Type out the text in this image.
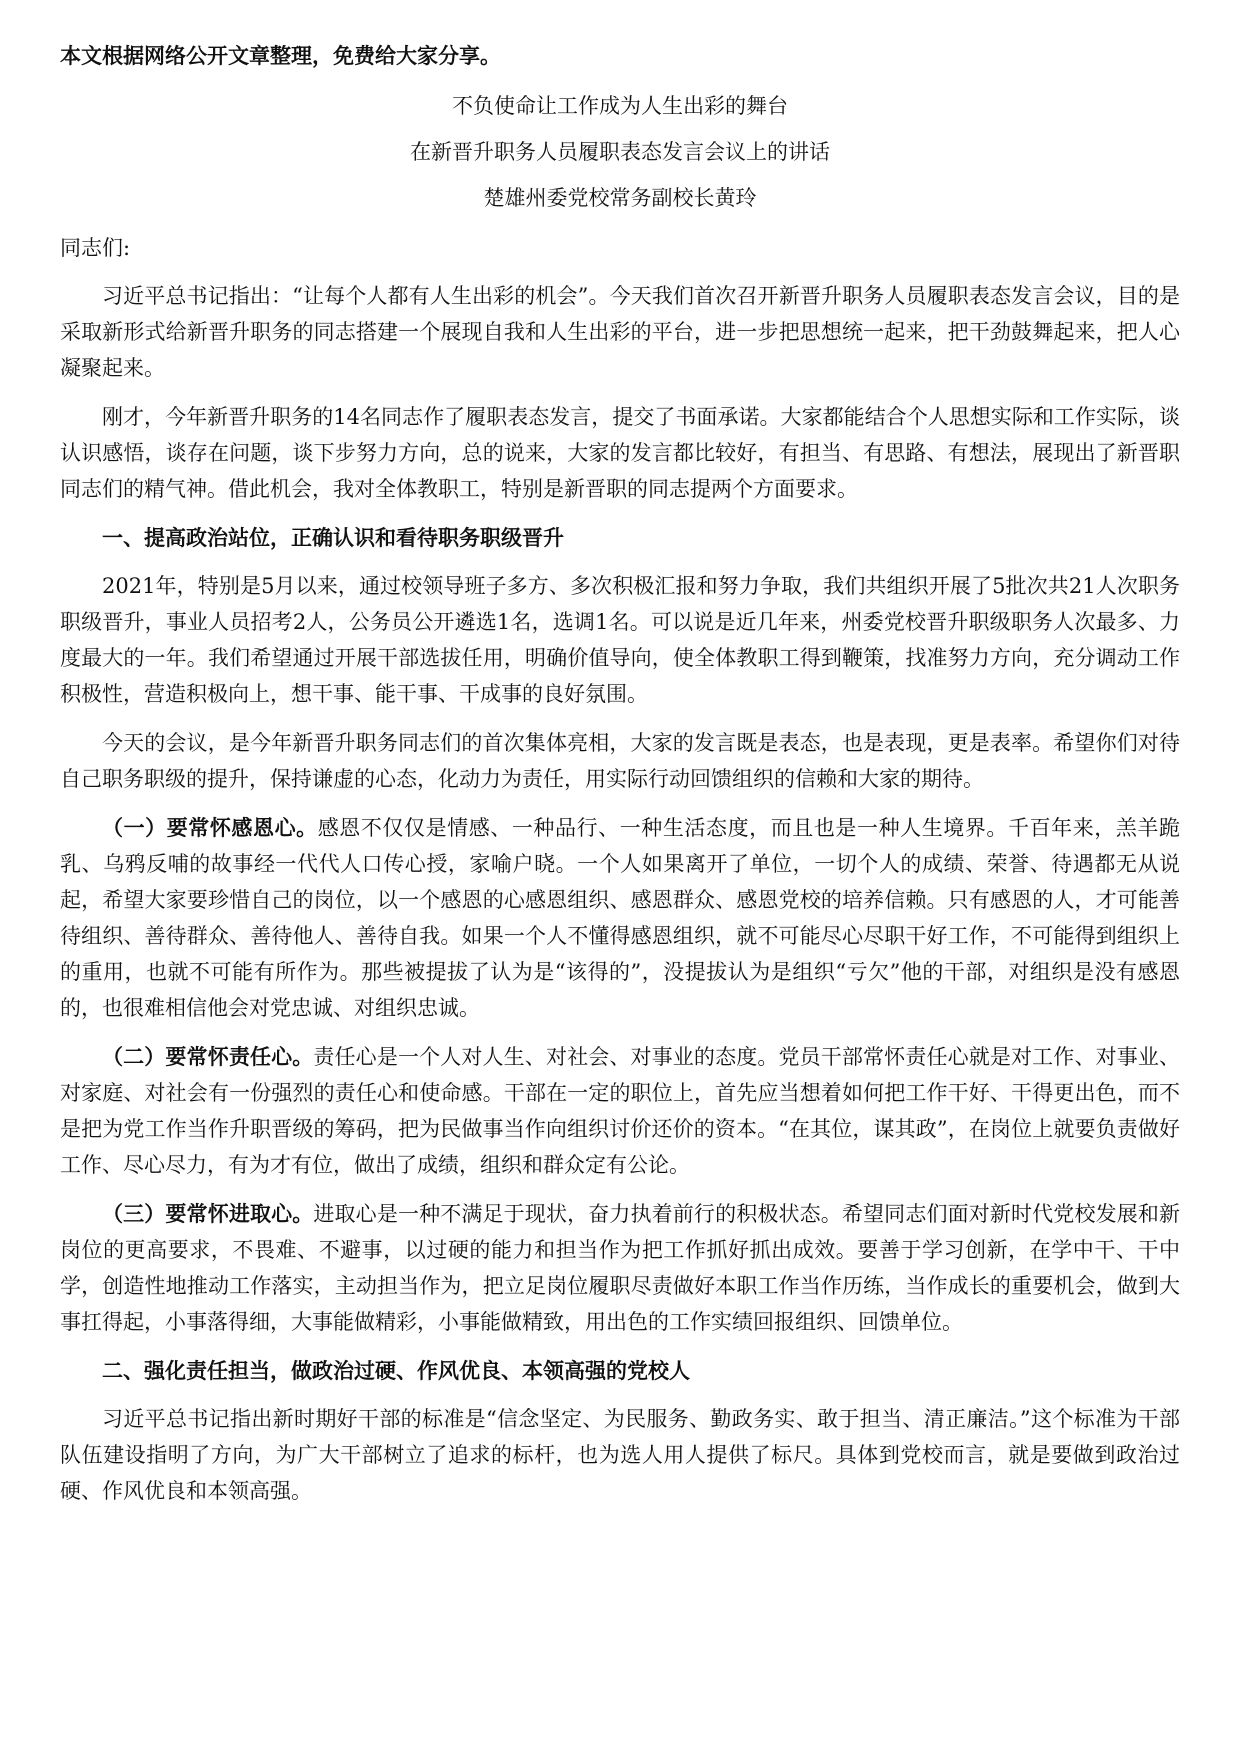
本文根据网络公开文章整理，免费给大家分享。

不负使命让工作成为人生出彩的舞台

在新晋升职务人员履职表态发言会议上的讲话

楚雄州委党校常务副校长黄玲

同志们:

习近平总书记指出：“让每个人都有人生出彩的机会”。今天我们首次召开新晋升职务人员履职表态发言会议，目的是采取新形式给新晋升职务的同志搭建一个展现自我和人生出彩的平台，进一步把思想统一起来，把干劲鼓舞起来，把人心凝聚起来。

刚才，今年新晋升职务的14名同志作了履职表态发言，提交了书面承诺。大家都能结合个人思想实际和工作实际，谈认识感悟，谈存在问题，谈下步努力方向，总的说来，大家的发言都比较好，有担当、有思路、有想法，展现出了新晋职同志们的精气神。借此机会，我对全体教职工，特别是新晋职的同志提两个方面要求。

一、提高政治站位，正确认识和看待职务职级晋升

2021年，特别是5月以来，通过校领导班子多方、多次积极汇报和努力争取，我们共组织开展了5批次共21人次职务职级晋升，事业人员招考2人，公务员公开遴选1名，选调1名。可以说是近几年来，州委党校晋升职级职务人次最多、力度最大的一年。我们希望通过开展干部选拔任用，明确价值导向，使全体教职工得到鞭策，找准努力方向，充分调动工作积极性，营造积极向上，想干事、能干事、干成事的良好氛围。

今天的会议，是今年新晋升职务同志们的首次集体亮相，大家的发言既是表态，也是表现，更是表率。希望你们对待自己职务职级的提升，保持谦虚的心态，化动力为责任，用实际行动回馈组织的信赖和大家的期待。

（一）要常怀感恩心。感恩不仅仅是情感、一种品行、一种生活态度，而且也是一种人生境界。千百年来，羔羊跪乳、乌鸦反哺的故事经一代代人口传心授，家喻户晓。一个人如果离开了单位，一切个人的成绩、荣誉、待遇都无从说起，希望大家要珍惜自己的岗位，以一个感恩的心感恩组织、感恩群众、感恩党校的培养信赖。只有感恩的人，才可能善待组织、善待群众、善待他人、善待自我。如果一个人不懂得感恩组织，就不可能尽心尽职干好工作，不可能得到组织上的重用，也就不可能有所作为。那些被提拔了认为是“该得的”，没提拔认为是组织“亏欠”他的干部，对组织是没有感恩的，也很难相信他会对党忠诚、对组织忠诚。

（二）要常怀责任心。责任心是一个人对人生、对社会、对事业的态度。党员干部常怀责任心就是对工作、对事业、对家庭、对社会有一份强烈的责任心和使命感。干部在一定的职位上，首先应当想着如何把工作干好、干得更出色，而不是把为党工作当作升职晋级的筹码，把为民做事当作向组织讨价还价的资本。“在其位，谋其政”，在岗位上就要负责做好工作、尽心尽力，有为才有位，做出了成绩，组织和群众定有公论。

（三）要常怀进取心。进取心是一种不满足于现状，奋力执着前行的积极状态。希望同志们面对新时代党校发展和新岗位的更高要求，不畏难、不避事，以过硬的能力和担当作为把工作抓好抓出成效。要善于学习创新，在学中干、干中学，创造性地推动工作落实，主动担当作为，把立足岗位履职尽责做好本职工作当作历练，当作成长的重要机会，做到大事扛得起，小事落得细，大事能做精彩，小事能做精致，用出色的工作实绩回报组织、回馈单位。

二、强化责任担当，做政治过硬、作风优良、本领高强的党校人

习近平总书记指出新时期好干部的标准是“信念坚定、为民服务、勤政务实、敢于担当、清正廉洁。”这个标准为干部队伍建设指明了方向，为广大干部树立了追求的标杆，也为选人用人提供了标尺。具体到党校而言，就是要做到政治过硬、作风优良和本领高强。
